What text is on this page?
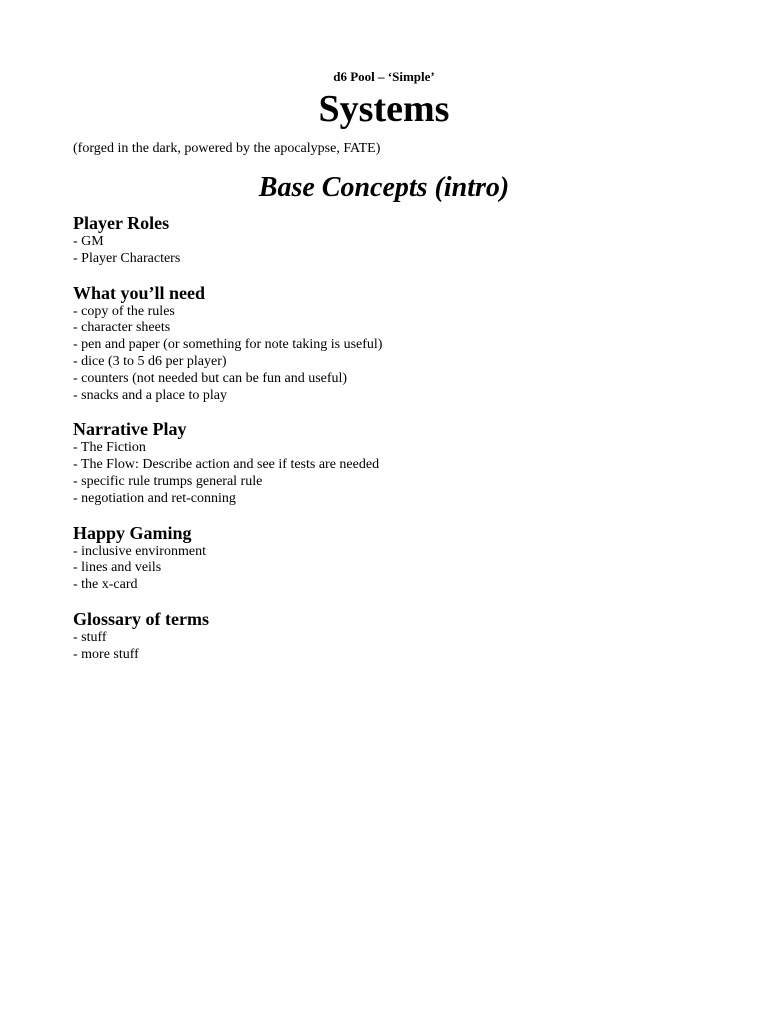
d6 Pool – ‘Simple’

Systems

(forged in the dark, powered by the apocalypse, FATE)

Base Concepts (intro)
Player Roles
- GM
- Player Characters
What you’ll need
- copy of the rules
- character sheets
- pen and paper (or something for note taking is useful)
- dice (3 to 5 d6 per player)
- counters (not needed but can be fun and useful)
- snacks and a place to play
Narrative Play
- The Fiction
- The Flow: Describe action and see if tests are needed
- specific rule trumps general rule
- negotiation and ret-conning
Happy Gaming
- inclusive environment
- lines and veils
- the x-card
Glossary of terms
- stuff
- more stuff
